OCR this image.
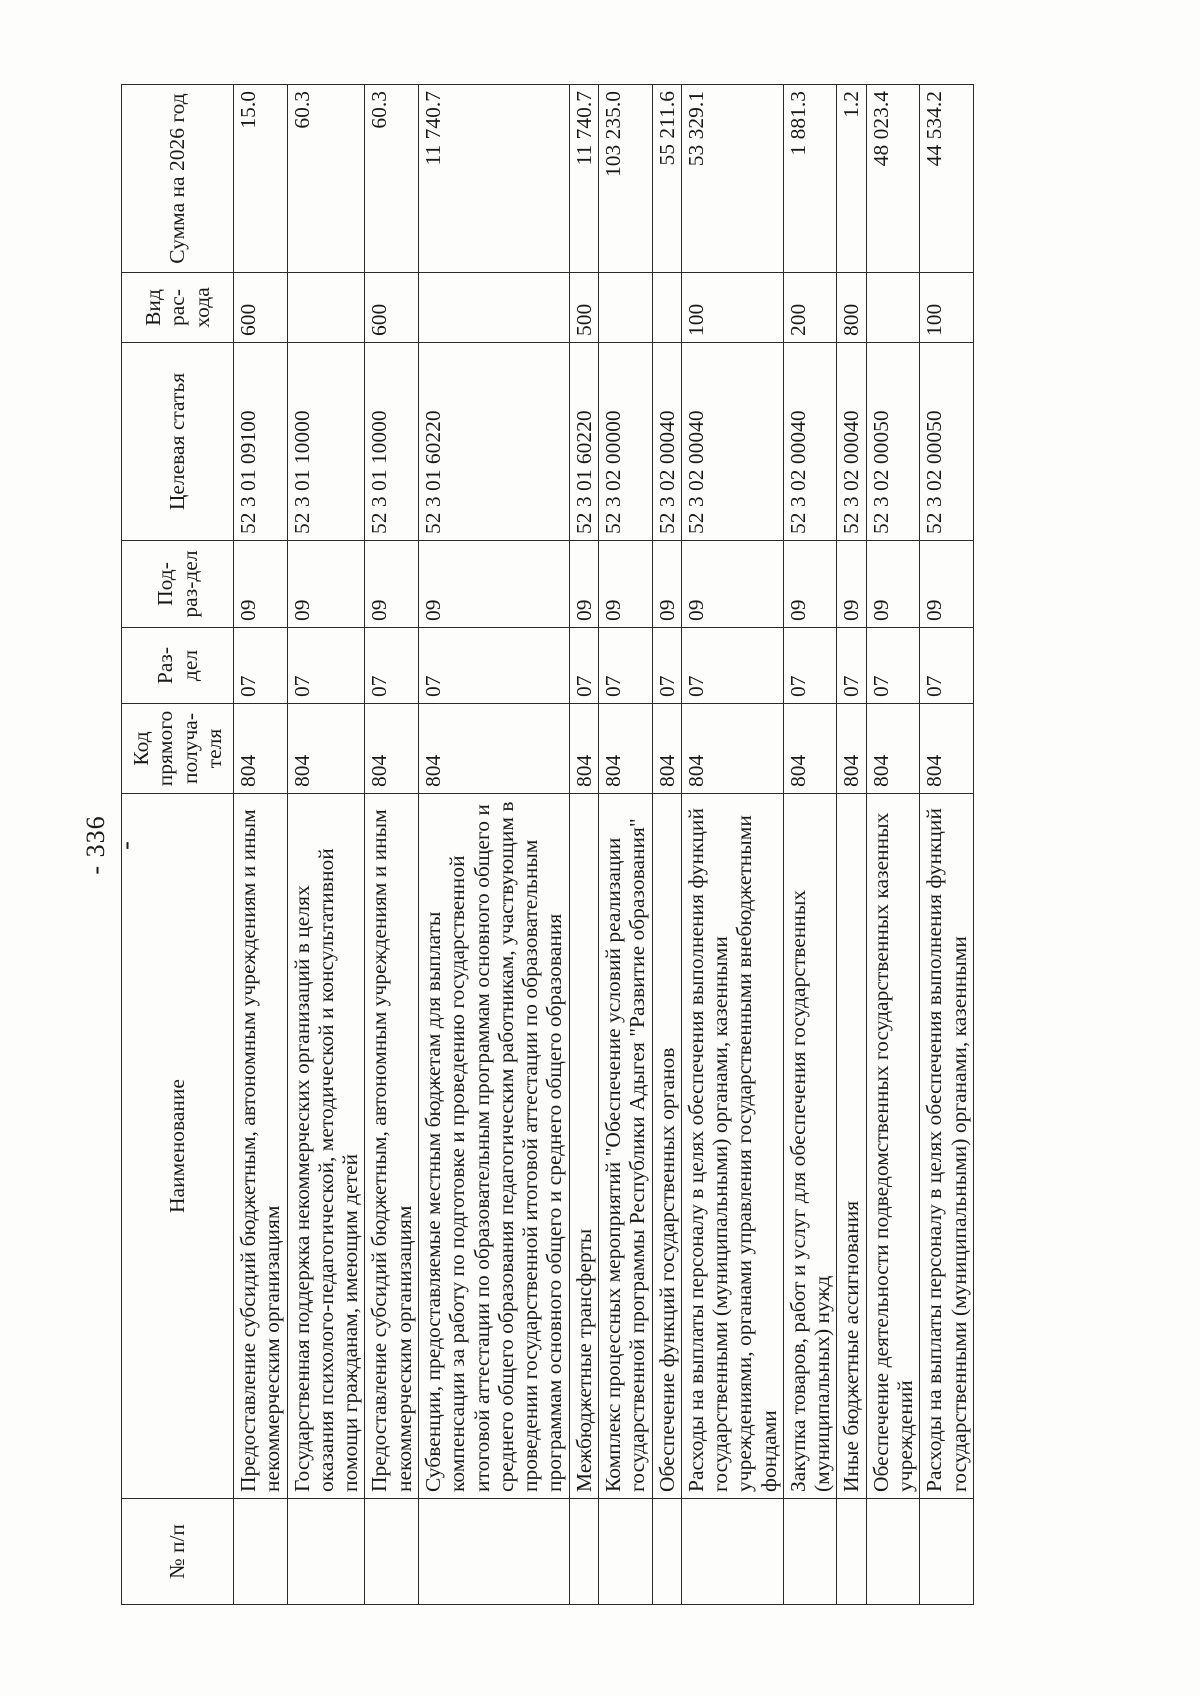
- 336 -
№ п/п	Наименование	Код прямого получа-теля	Раз-дел	Под-раз-дел	Целевая статья	Вид рас-хода	Сумма на 2026 год
	Предоставление субсидий бюджетным, автономным учреждениям и иным некоммерческим организациям	804	07	09	52 3 01 09100	600	15.0
	Государственная поддержка некоммерческих организаций в целях оказания психолого-педагогической, методической и консультативной помощи гражданам, имеющим детей	804	07	09	52 3 01 10000		60.3
	Предоставление субсидий бюджетным, автономным учреждениям и иным некоммерческим организациям	804	07	09	52 3 01 10000	600	60.3
	Субвенции, предоставляемые местным бюджетам для выплаты компенсации за работу по подготовке и проведению государственной итоговой аттестации по образовательным программам основного общего и среднего общего образования педагогическим работникам, участвующим в проведении государственной итоговой аттестации по образовательным программам основного общего и среднего общего образования	804	07	09	52 3 01 60220		11 740.7
	Межбюджетные трансферты	804	07	09	52 3 01 60220	500	11 740.7
	Комплекс процессных мероприятий "Обеспечение условий реализации государственной программы Республики Адыгея "Развитие образования"	804	07	09	52 3 02 00000		103 235.0
	Обеспечение функций государственных органов	804	07	09	52 3 02 00040		55 211.6
	Расходы на выплаты персоналу в целях обеспечения выполнения функций государственными (муниципальными) органами, казенными учреждениями, органами управления государственными внебюджетными фондами	804	07	09	52 3 02 00040	100	53 329.1
	Закупка товаров, работ и услуг для обеспечения государственных (муниципальных) нужд	804	07	09	52 3 02 00040	200	1 881.3
	Иные бюджетные ассигнования	804	07	09	52 3 02 00040	800	1.2
	Обеспечение деятельности подведомственных государственных казенных учреждений	804	07	09	52 3 02 00050		48 023.4
	Расходы на выплаты персоналу в целях обеспечения выполнения функций государственными (муниципальными) органами, казенными	804	07	09	52 3 02 00050	100	44 534.2
